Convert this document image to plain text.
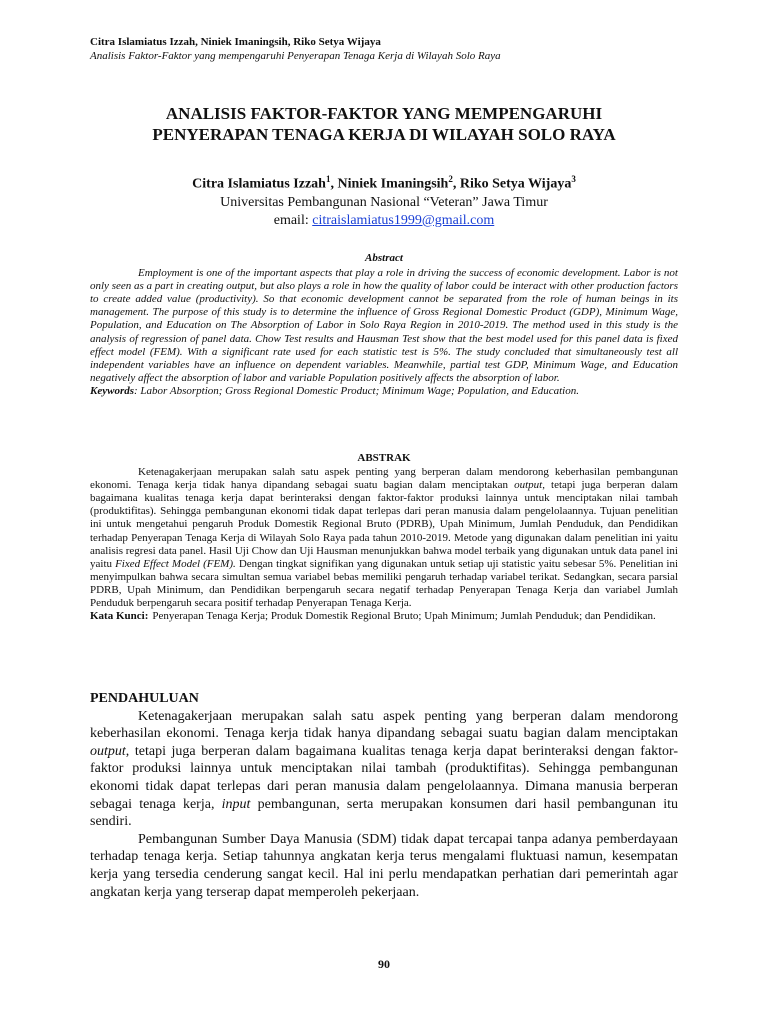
Citra Islamiatus Izzah, Niniek Imaningsih, Riko Setya Wijaya
Analisis Faktor-Faktor yang mempengaruhi Penyerapan Tenaga Kerja di Wilayah Solo Raya
ANALISIS FAKTOR-FAKTOR YANG MEMPENGARUHI
PENYERAPAN TENAGA KERJA DI WILAYAH SOLO RAYA
Citra Islamiatus Izzah$^1$, Niniek Imaningsih$^2$, Riko Setya Wijaya$^3$
Universitas Pembangunan Nasional “Veteran” Jawa Timur
email: citraislamiatus1999@gmail.com
Abstract
Employment is one of the important aspects that play a role in driving the success of economic development. Labor is not only seen as a part in creating output, but also plays a role in how the quality of labor could be interact with other production factors to create added value (productivity). So that economic development cannot be separated from the role of human beings in its management. The purpose of this study is to determine the influence of Gross Regional Domestic Product (GDP), Minimum Wage, Population, and Education on The Absorption of Labor in Solo Raya Region in 2010-2019. The method used in this study is the analysis of regression of panel data. Chow Test results and Hausman Test show that the best model used for this panel data is fixed effect model (FEM). With a significant rate used for each statistic test is 5%. The study concluded that simultaneously test all independent variables have an influence on dependent variables. Meanwhile, partial test GDP, Minimum Wage, and Education negatively affect the absorption of labor and variable Population positively affects the absorption of labor.
Keywords: Labor Absorption; Gross Regional Domestic Product; Minimum Wage; Population, and Education.
ABSTRAK
Ketenagakerjaan merupakan salah satu aspek penting yang berperan dalam mendorong keberhasilan pembangunan ekonomi. Tenaga kerja tidak hanya dipandang sebagai suatu bagian dalam menciptakan output, tetapi juga berperan dalam bagaimana kualitas tenaga kerja dapat berinteraksi dengan faktor-faktor produksi lainnya untuk menciptakan nilai tambah (produktifitas). Sehingga pembangunan ekonomi tidak dapat terlepas dari peran manusia dalam pengelolaannya. Tujuan penelitian ini untuk mengetahui pengaruh Produk Domestik Regional Bruto (PDRB), Upah Minimum, Jumlah Penduduk, dan Pendidikan terhadap Penyerapan Tenaga Kerja di Wilayah Solo Raya pada tahun 2010-2019. Metode yang digunakan dalam penelitian ini yaitu analisis regresi data panel. Hasil Uji Chow dan Uji Hausman menunjukkan bahwa model terbaik yang digunakan untuk data panel ini yaitu Fixed Effect Model (FEM). Dengan tingkat signifikan yang digunakan untuk setiap uji statistic yaitu sebesar 5%. Penelitian ini menyimpulkan bahwa secara simultan semua variabel bebas memiliki pengaruh terhadap variabel terikat. Sedangkan, secara parsial PDRB, Upah Minimum, dan Pendidikan berpengaruh secara negatif terhadap Penyerapan Tenaga Kerja dan variabel Jumlah Penduduk berpengaruh secara positif terhadap Penyerapan Tenaga Kerja.
Kata Kunci: Penyerapan Tenaga Kerja; Produk Domestik Regional Bruto; Upah Minimum; Jumlah Penduduk; dan Pendidikan.
PENDAHULUAN

Ketenagakerjaan merupakan salah satu aspek penting yang berperan dalam mendorong keberhasilan ekonomi. Tenaga kerja tidak hanya dipandang sebagai suatu bagian dalam menciptakan output, tetapi juga berperan dalam bagaimana kualitas tenaga kerja dapat berinteraksi dengan faktor-faktor produksi lainnya untuk menciptakan nilai tambah (produktifitas). Sehingga pembangunan ekonomi tidak dapat terlepas dari peran manusia dalam pengelolaannya. Dimana manusia berperan sebagai tenaga kerja, input pembangunan, serta merupakan konsumen dari hasil pembangunan itu sendiri.

Pembangunan Sumber Daya Manusia (SDM) tidak dapat tercapai tanpa adanya pemberdayaan terhadap tenaga kerja. Setiap tahunnya angkatan kerja terus mengalami fluktuasi namun, kesempatan kerja yang tersedia cenderung sangat kecil. Hal ini perlu mendapatkan perhatian dari pemerintah agar angkatan kerja yang terserap dapat memperoleh pekerjaan.

90
